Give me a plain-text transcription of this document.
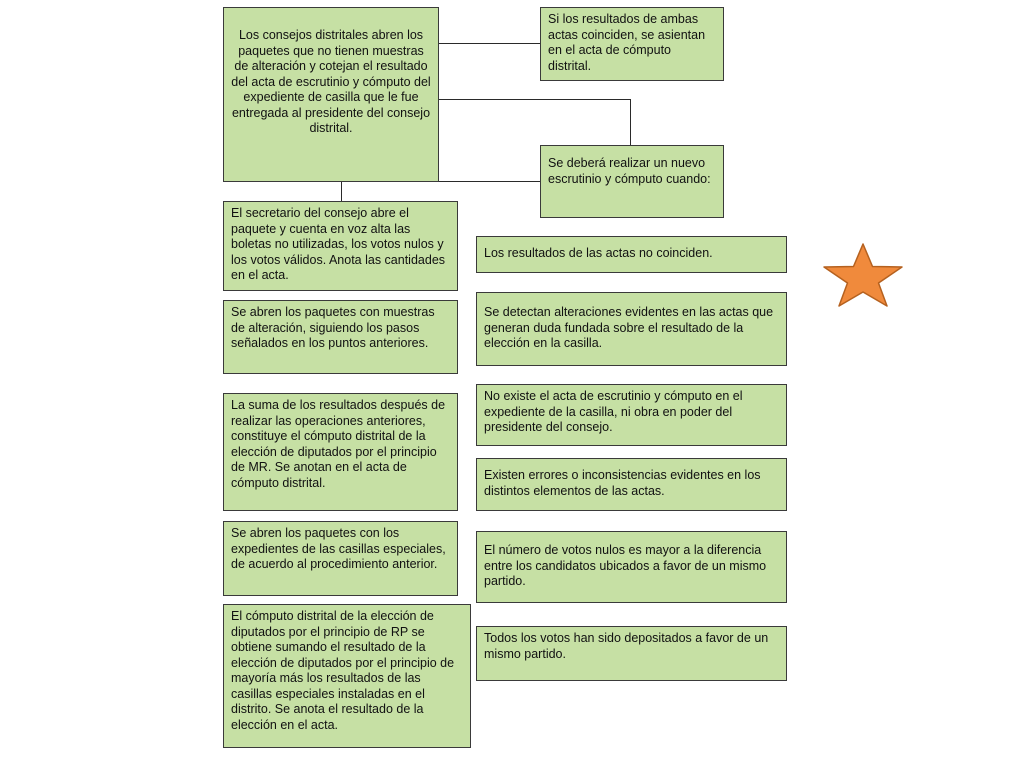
Los consejos distritales abren los paquetes que no tienen muestras de alteración y cotejan el resultado del acta de escrutinio y cómputo del expediente de casilla que le fue entregada al presidente del consejo distrital.
Si los resultados de ambas actas coinciden, se asientan en el acta de cómputo distrital.
Se deberá realizar un nuevo escrutinio y cómputo cuando:
El secretario del consejo abre el paquete y cuenta en voz alta las boletas no utilizadas, los votos nulos y los votos válidos. Anota las cantidades en el acta.
Se abren los paquetes con muestras de alteración, siguiendo los pasos señalados en los puntos anteriores.
La suma de los resultados después de realizar las operaciones anteriores, constituye el cómputo distrital de la elección de diputados por el principio de MR. Se anotan en el acta de cómputo distrital.
Se abren los paquetes con los expedientes de las casillas especiales, de acuerdo al procedimiento anterior.
El cómputo distrital de la elección de diputados por el principio de RP se obtiene sumando el resultado de la elección de diputados por el principio de mayoría más los resultados de las casillas especiales instaladas en el distrito. Se anota el resultado de la elección en el acta.
Los resultados de las actas no coinciden.
Se detectan alteraciones evidentes en las actas que generan duda fundada sobre el resultado de la elección en la casilla.
No existe el acta de escrutinio y cómputo en el expediente de la casilla, ni obra en poder del presidente del consejo.
Existen errores o inconsistencias evidentes en los distintos elementos de las actas.
El número de votos nulos es mayor a la diferencia entre los candidatos ubicados a favor de un mismo partido.
Todos los votos han sido depositados a favor de un mismo partido.
